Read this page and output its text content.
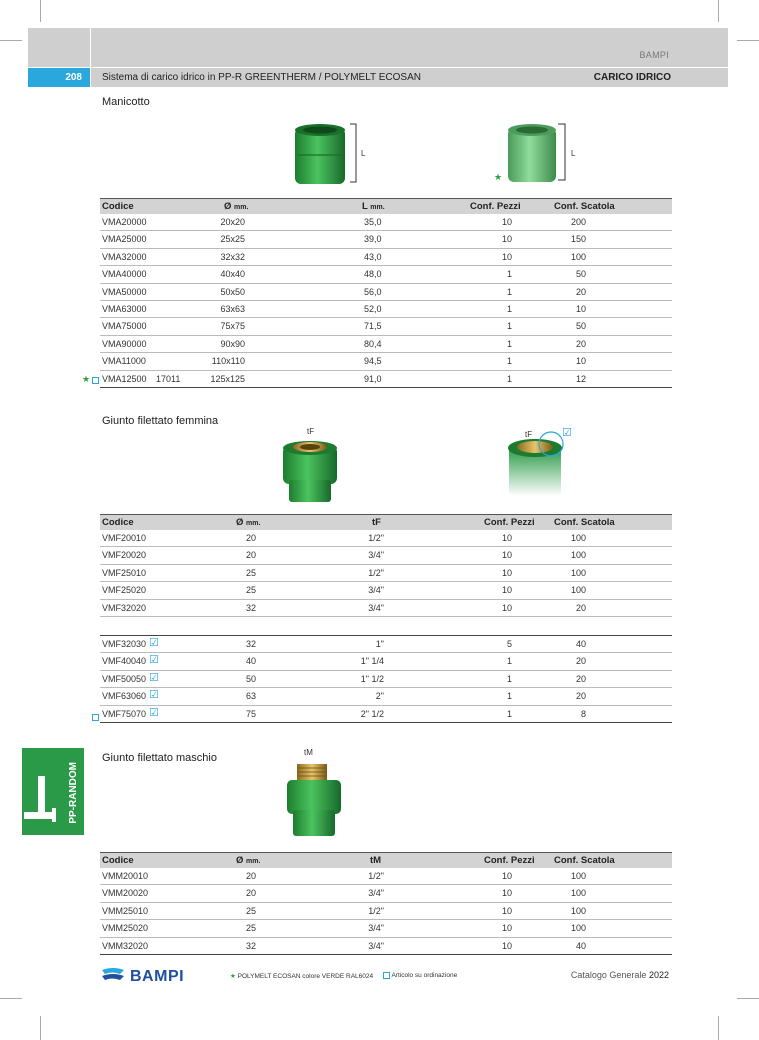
BAMPI
208	Sistema di carico idrico in PP-R GREENTHERM / POLYMELT ECOSAN	CARICO IDRICO
Manicotto
L	L
★
Codice	Ø mm.	L mm.	Conf. Pezzi	Conf. Scatola
VMA20000	20x20	35,0	10	200
VMA25000	25x25	39,0	10	150
VMA32000	32x32	43,0	10	100
VMA40000	40x40	48,0	1	50
VMA50000	50x50	56,0	1	20
VMA63000	63x63	52,0	1	10
VMA75000	75x75	71,5	1	50
VMA90000	90x90	80,4	1	20
VMA11000	110x110	94,5	1	10
VMA12500	125x125	91,0	1	12
17011
★
Giunto filettato femmina
tF	tF	☑
Codice	Ø mm.	tF	Conf. Pezzi Conf. Scatola
VMF20010	20	1/2"	10	100
VMF20020	20	3/4"	10	100
VMF25010	25	1/2"	10	100
VMF25020	25	3/4"	10	100
VMF32020	32	3/4"	10	20
VMF32030	32	1"	5	40
☑
VMF40040	40	1" 1/4	1	20
☑
VMF50050	50	1" 1/2	1	20
☑
VMF63060	63	2"	1	20
☑
VMF75070	75	2" 1/2	1	8
☑
PP-RANDOM
Giunto filettato maschio	tM
Codice	Ø mm.	tM	Conf. Pezzi Conf. Scatola
VMM20010	20	1/2"	10	100
VMM20020	20	3/4"	10	100
VMM25010	25	1/2"	10	100
VMM25020	25	3/4"	10	100
VMM32020	32	3/4"	10	40
BAMPI	★ POLYMELT ECOSAN colore VERDE RAL6024	Articolo su ordinazione	Catalogo Generale 2022
